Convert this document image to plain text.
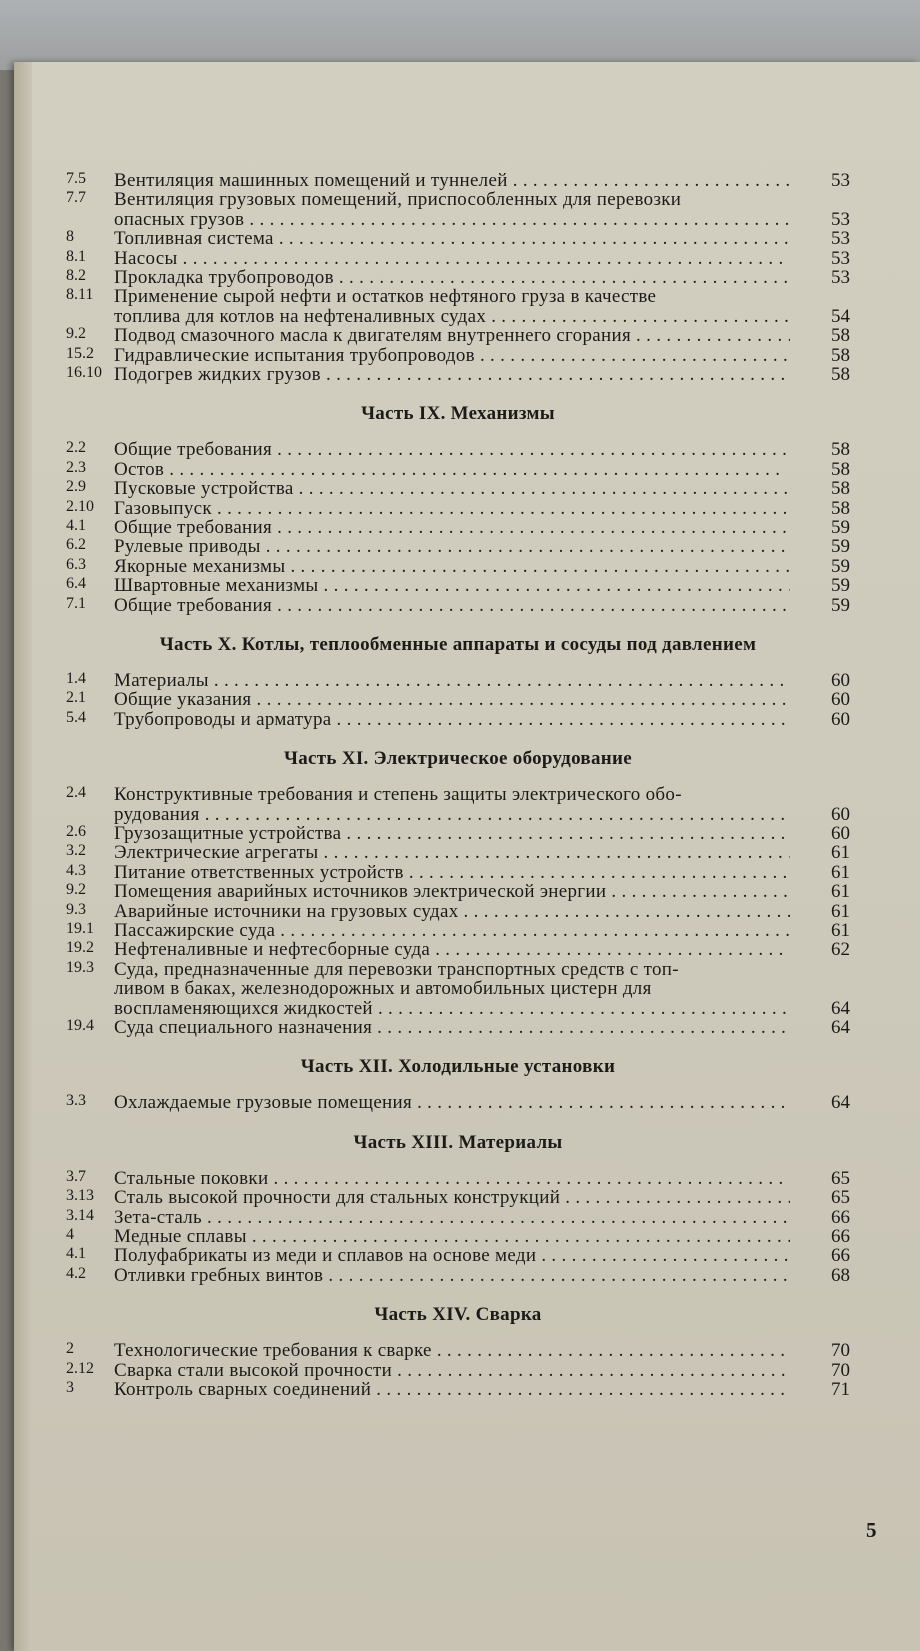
7.5	Вентиляция машинных помещений и туннелей . . .	53
7.7	Вентиляция грузовых помещений, приспособленных для перевозки
опасных грузов . . .	53
8	Топливная система . . .	53
8.1	Насосы . . .	53
8.2	Прокладка трубопроводов . . .	53
8.11	Применение сырой нефти и остатков нефтяного груза в качестве
топлива для котлов на нефтеналивных судах . . .	54
9.2	Подвод смазочного масла к двигателям внутреннего сгорания . . .	58
15.2	Гидравлические испытания трубопроводов . . .	58
16.10 Подогрев жидких грузов . . .	58
Часть IX. Механизмы
2.2	Общие требования . . .	58
2.3	Остов . . .	58
2.9	Пусковые устройства . . .	58
2.10	Газовыпуск . . .	58
4.1	Общие требования . . .	59
6.2	Рулевые приводы . . .	59
6.3	Якорные механизмы . . .	59
6.4	Швартовные механизмы . . .	59
7.1	Общие требования . . .	59
Часть X. Котлы, теплообменные аппараты и сосуды под давлением
1.4	Материалы . . .	60
2.1	Общие указания . . .	60
5.4	Трубопроводы и арматура . . .	60
Часть XI. Электрическое оборудование
2.4	Конструктивные требования и степень защиты электрического обо-
рудования . . .	60
2.6	Грузозащитные устройства . . .	60
3.2	Электрические агрегаты . . .	61
4.3	Питание ответственных устройств . . .	61
9.2	Помещения аварийных источников электрической энергии . . .	61
9.3	Аварийные источники на грузовых судах . . .	61
19.1	Пассажирские суда . . .	61
19.2	Нефтеналивные и нефтесборные суда . . .	62
19.3	Суда, предназначенные для перевозки транспортных средств с топ-
ливом в баках, железнодорожных и автомобильных цистерн для
воспламеняющихся жидкостей . . .	64
19.4	Суда специального назначения . . .	64
Часть XII. Холодильные установки
3.3	Охлаждаемые грузовые помещения . . .	64
Часть XIII. Материалы
3.7	Стальные поковки . . .	65
3.13	Сталь высокой прочности для стальных конструкций . . .	65
3.14	Зета-сталь . . .	66
4	Медные сплавы . . .	66
4.1	Полуфабрикаты из меди и сплавов на основе меди . . .	66
4.2	Отливки гребных винтов . . .	68
Часть XIV. Сварка
2	Технологические требования к сварке . . .	70
2.12	Сварка стали высокой прочности . . .	70
3	Контроль сварных соединений . . .	71
5
